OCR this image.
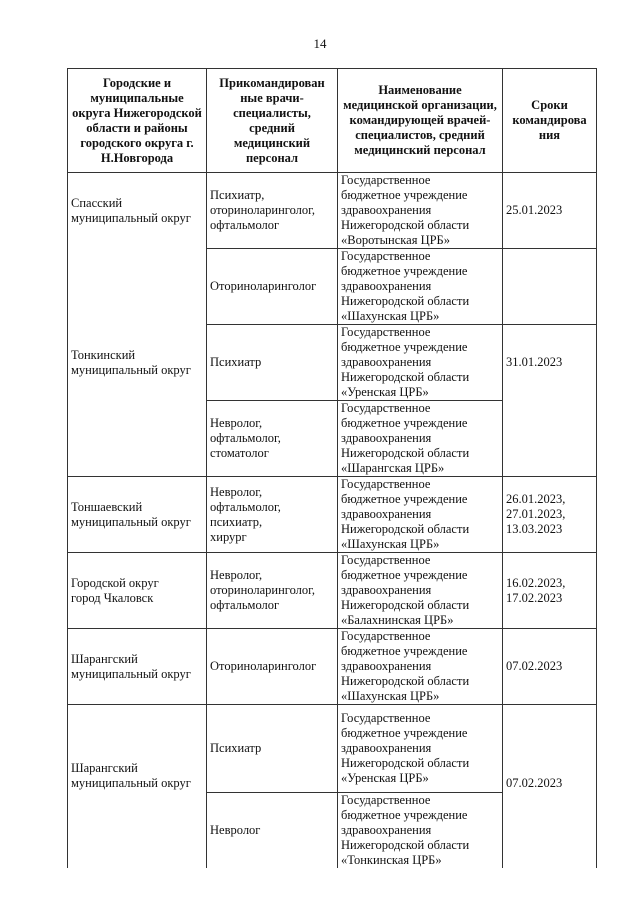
14
Городские и муниципальные округа Нижегородской области и районы городского округа г. Н.Новгорода	Прикомандирован ные врачи-специалисты, средний медицинский персонал	Наименование медицинской организации, командирующей врачей-специалистов, средний медицинский персонал	Сроки командирова ния

Спасский
муниципальный округ	Психиатр,
оториноларинголог,
офтальмолог	Государственное
бюджетное учреждение
здравоохранения
Нижегородской области
«Воротынская ЦРБ»	25.01.2023

	Оториноларинголог	Государственное
бюджетное учреждение
здравоохранения
Нижегородской области
«Шахунская ЦРБ»	

Тонкинский
муниципальный округ	Психиатр	Государственное
бюджетное учреждение
здравоохранения
Нижегородской области
«Уренская ЦРБ»	31.01.2023

	Невролог,
офтальмолог,
стоматолог	Государственное
бюджетное учреждение
здравоохранения
Нижегородской области
«Шарангская ЦРБ»	

Тоншаевский
муниципальный округ	Невролог,
офтальмолог,
психиатр,
хирург	Государственное
бюджетное учреждение
здравоохранения
Нижегородской области
«Шахунская ЦРБ»	26.01.2023,
27.01.2023,
13.03.2023

Городской округ
город Чкаловск	Невролог,
оториноларинголог,
офтальмолог	Государственное
бюджетное учреждение
здравоохранения
Нижегородской области
«Балахнинская ЦРБ»	16.02.2023,
17.02.2023

Шарангский
муниципальный округ	Оториноларинголог	Государственное
бюджетное учреждение
здравоохранения
Нижегородской области
«Шахунская ЦРБ»	07.02.2023

Шарангский
муниципальный округ	Психиатр	Государственное
бюджетное учреждение
здравоохранения
Нижегородской области
«Уренская ЦРБ»	07.02.2023

	Невролог	Государственное
бюджетное учреждение
здравоохранения
Нижегородской области
«Тонкинская ЦРБ»	
